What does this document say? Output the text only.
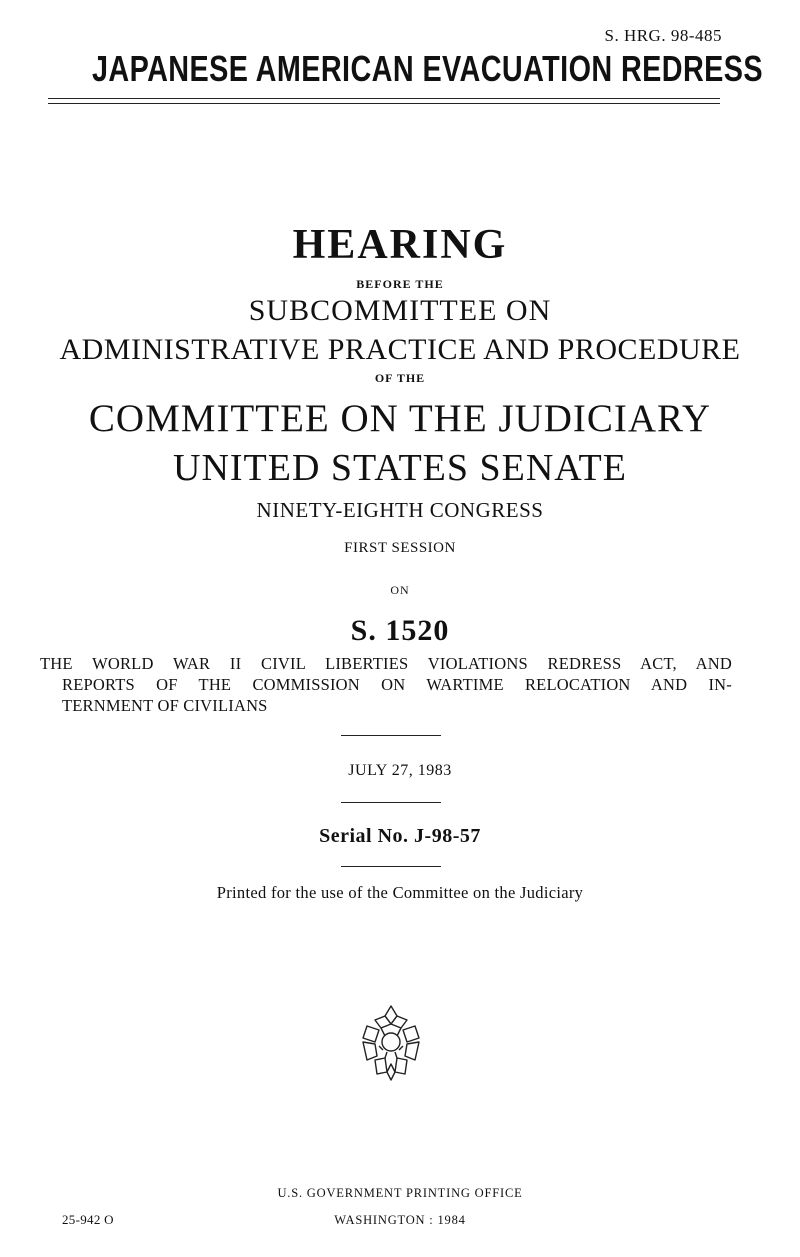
S. HRG. 98-485
JAPANESE AMERICAN EVACUATION REDRESS
HEARING
BEFORE THE
SUBCOMMITTEE ON
ADMINISTRATIVE PRACTICE AND PROCEDURE
OF THE
COMMITTEE ON THE JUDICIARY
UNITED STATES SENATE
NINETY-EIGHTH CONGRESS
FIRST SESSION
ON
S. 1520
THE WORLD WAR II CIVIL LIBERTIES VIOLATIONS REDRESS ACT, AND
REPORTS OF THE COMMISSION ON WARTIME RELOCATION AND IN-
TERNMENT OF CIVILIANS
JULY 27, 1983
Serial No. J-98-57
Printed for the use of the Committee on the Judiciary
U.S. GOVERNMENT PRINTING OFFICE
25-942 O	WASHINGTON : 1984
